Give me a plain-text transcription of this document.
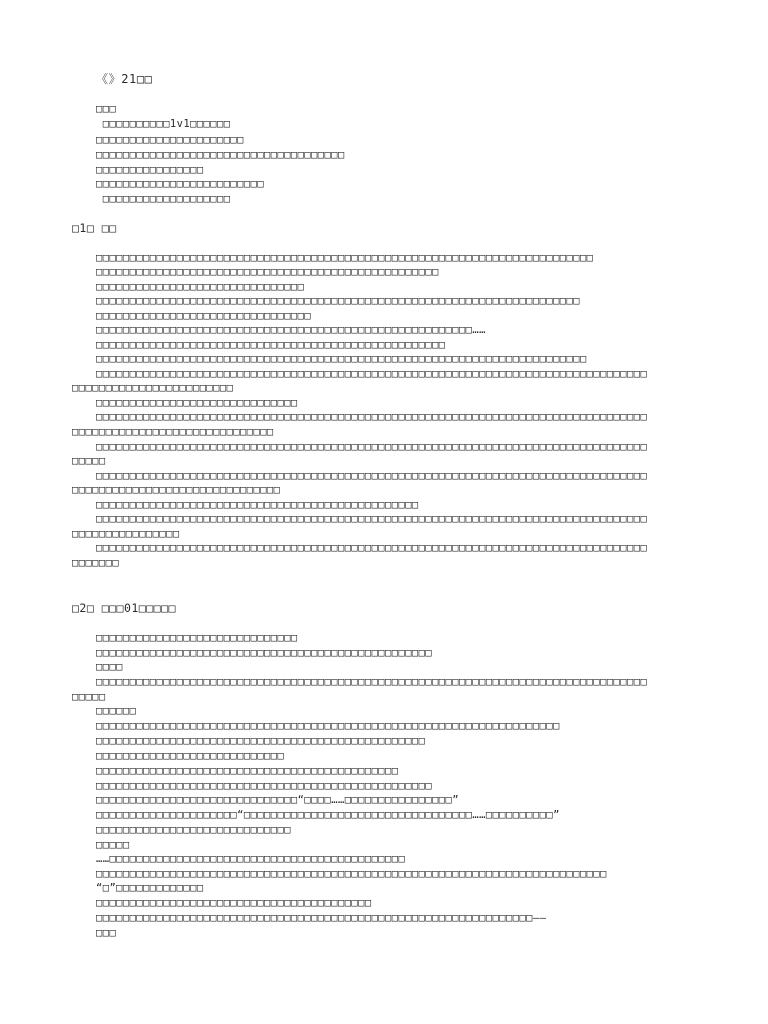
《》21□□
□□□
□□□□□□□□□□1v1□□□□□□
□□□□□□□□□□□□□□□□□□□□□□
□□□□□□□□□□□□□□□□□□□□□□□□□□□□□□□□□□□□□
□□□□□□□□□□□□□□□□
□□□□□□□□□□□□□□□□□□□□□□□□□
□□□□□□□□□□□□□□□□□□□
□1□ □□
□□□□□□□□□□□□□□□□□□□□□□□□□□□□□□□□□□□□□□□□□□□□□□□□□□□□□□□□□□□□□□□□□□□□□□□□□□
□□□□□□□□□□□□□□□□□□□□□□□□□□□□□□□□□□□□□□□□□□□□□□□□□□□
□□□□□□□□□□□□□□□□□□□□□□□□□□□□□□□
□□□□□□□□□□□□□□□□□□□□□□□□□□□□□□□□□□□□□□□□□□□□□□□□□□□□□□□□□□□□□□□□□□□□□□□□
□□□□□□□□□□□□□□□□□□□□□□□□□□□□□□□□
□□□□□□□□□□□□□□□□□□□□□□□□□□□□□□□□□□□□□□□□□□□□□□□□□□□□□□□□……
□□□□□□□□□□□□□□□□□□□□□□□□□□□□□□□□□□□□□□□□□□□□□□□□□□□□
□□□□□□□□□□□□□□□□□□□□□□□□□□□□□□□□□□□□□□□□□□□□□□□□□□□□□□□□□□□□□□□□□□□□□□□□□
□□□□□□□□□□□□□□□□□□□□□□□□□□□□□□□□□□□□□□□□□□□□□□□□□□□□□□□□□□□□□□□□□□□□□□□□□□□□□□□□□□
□□□□□□□□□□□□□□□□□□□□□□□□
□□□□□□□□□□□□□□□□□□□□□□□□□□□□□□
□□□□□□□□□□□□□□□□□□□□□□□□□□□□□□□□□□□□□□□□□□□□□□□□□□□□□□□□□□□□□□□□□□□□□□□□□□□□□□□□□□
□□□□□□□□□□□□□□□□□□□□□□□□□□□□□□
□□□□□□□□□□□□□□□□□□□□□□□□□□□□□□□□□□□□□□□□□□□□□□□□□□□□□□□□□□□□□□□□□□□□□□□□□□□□□□□□□□
□□□□□
□□□□□□□□□□□□□□□□□□□□□□□□□□□□□□□□□□□□□□□□□□□□□□□□□□□□□□□□□□□□□□□□□□□□□□□□□□□□□□□□□□
□□□□□□□□□□□□□□□□□□□□□□□□□□□□□□□
□□□□□□□□□□□□□□□□□□□□□□□□□□□□□□□□□□□□□□□□□□□□□□□□
□□□□□□□□□□□□□□□□□□□□□□□□□□□□□□□□□□□□□□□□□□□□□□□□□□□□□□□□□□□□□□□□□□□□□□□□□□□□□□□□□□
□□□□□□□□□□□□□□□□
□□□□□□□□□□□□□□□□□□□□□□□□□□□□□□□□□□□□□□□□□□□□□□□□□□□□□□□□□□□□□□□□□□□□□□□□□□□□□□□□□□
□□□□□□□
□2□ □□□01□□□□□
□□□□□□□□□□□□□□□□□□□□□□□□□□□□□□
□□□□□□□□□□□□□□□□□□□□□□□□□□□□□□□□□□□□□□□□□□□□□□□□□□
□□□□
□□□□□□□□□□□□□□□□□□□□□□□□□□□□□□□□□□□□□□□□□□□□□□□□□□□□□□□□□□□□□□□□□□□□□□□□□□□□□□□□□□
□□□□□
□□□□□□
□□□□□□□□□□□□□□□□□□□□□□□□□□□□□□□□□□□□□□□□□□□□□□□□□□□□□□□□□□□□□□□□□□□□□
□□□□□□□□□□□□□□□□□□□□□□□□□□□□□□□□□□□□□□□□□□□□□□□□□
□□□□□□□□□□□□□□□□□□□□□□□□□□□□
□□□□□□□□□□□□□□□□□□□□□□□□□□□□□□□□□□□□□□□□□□□□□
□□□□□□□□□□□□□□□□□□□□□□□□□□□□□□□□□□□□□□□□□□□□□□□□□□
□□□□□□□□□□□□□□□□□□□□□□□□□□□□□□“□□□□……□□□□□□□□□□□□□□□□”
□□□□□□□□□□□□□□□□□□□□□“□□□□□□□□□□□□□□□□□□□□□□□□□□□□□□□□□□……□□□□□□□□□□”
□□□□□□□□□□□□□□□□□□□□□□□□□□□□□
□□□□□
……□□□□□□□□□□□□□□□□□□□□□□□□□□□□□□□□□□□□□□□□□□□□
□□□□□□□□□□□□□□□□□□□□□□□□□□□□□□□□□□□□□□□□□□□□□□□□□□□□□□□□□□□□□□□□□□□□□□□□□□□□
“□”□□□□□□□□□□□□□
□□□□□□□□□□□□□□□□□□□□□□□□□□□□□□□□□□□□□□□□□
□□□□□□□□□□□□□□□□□□□□□□□□□□□□□□□□□□□□□□□□□□□□□□□□□□□□□□□□□□□□□□□□□——
□□□
